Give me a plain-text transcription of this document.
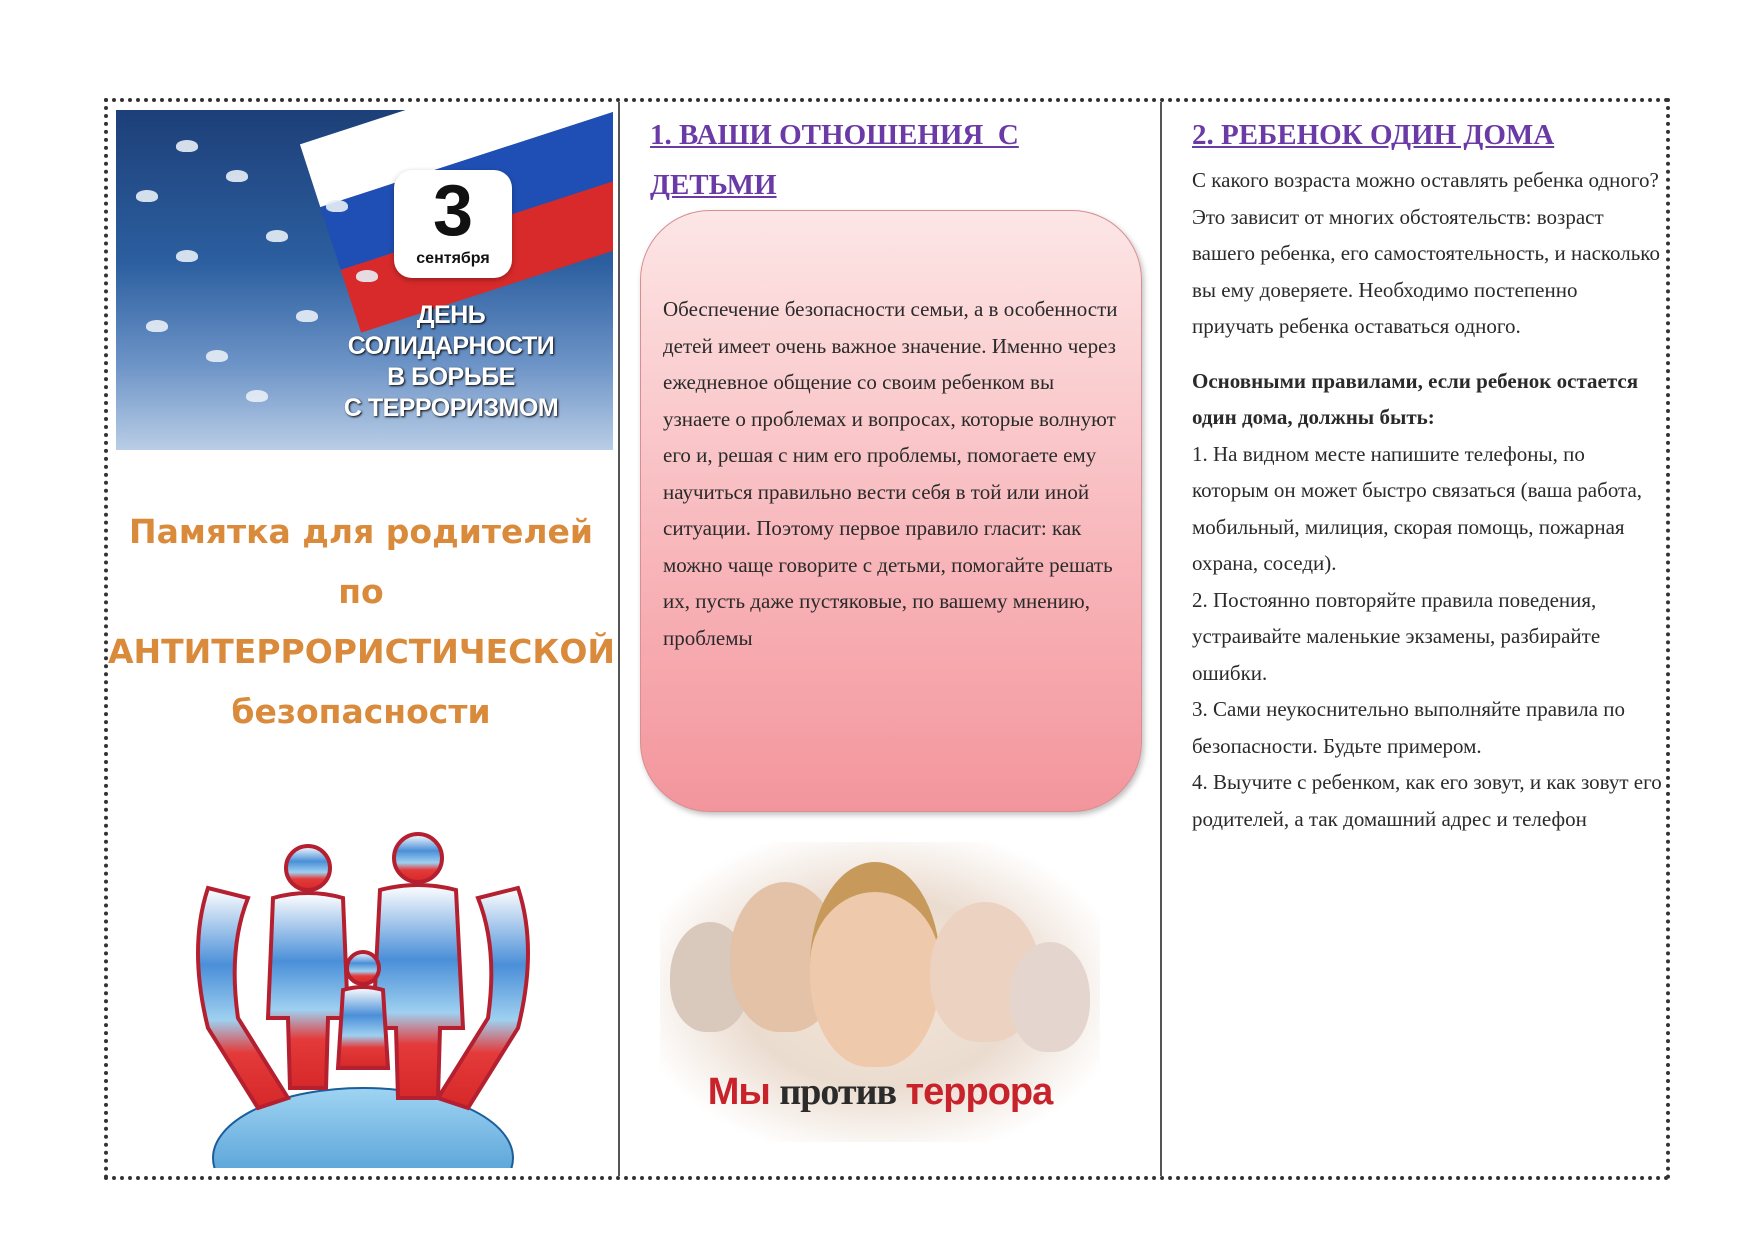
3
сентября
ДЕНЬ
СОЛИДАРНОСТИ
В БОРЬБЕ
С ТЕРРОРИЗМОМ
Памятка для родителей
по
АНТИТЕРРОРИСТИЧЕСКОЙ
безопасности
1. ВАШИ ОТНОШЕНИЯ  С
ДЕТЬМИ
Обеспечение безопасности семьи, а в особенности детей имеет очень важное значение. Именно через ежедневное общение со своим ребенком вы узнаете о проблемах и вопросах, которые волнуют его и, решая с ним его проблемы, помогаете ему научиться правильно вести себя в той или иной ситуации. Поэтому первое правило гласит: как можно чаще говорите с детьми, помогайте решать их, пусть даже пустяковые, по вашему мнению, проблемы
Мы против террора
2. РЕБЕНОК ОДИН ДОМА

С какого возраста можно оставлять ребенка одного? Это зависит от многих обстоятельств: возраст вашего ребенка, его самостоятельность, и насколько вы ему доверяете. Необходимо постепенно приучать ребенка оставаться одного.

Основными правилами, если ребенок остается один дома, должны быть:

1. На видном месте напишите телефоны, по которым он может быстро связаться (ваша работа, мобильный, милиция, скорая помощь, пожарная охрана, соседи).

2. Постоянно повторяйте правила поведения, устраивайте маленькие экзамены, разбирайте ошибки.

3. Сами неукоснительно выполняйте правила по безопасности. Будьте примером.

4. Выучите с ребенком, как его зовут, и как зовут его родителей, а так домашний адрес и телефон
